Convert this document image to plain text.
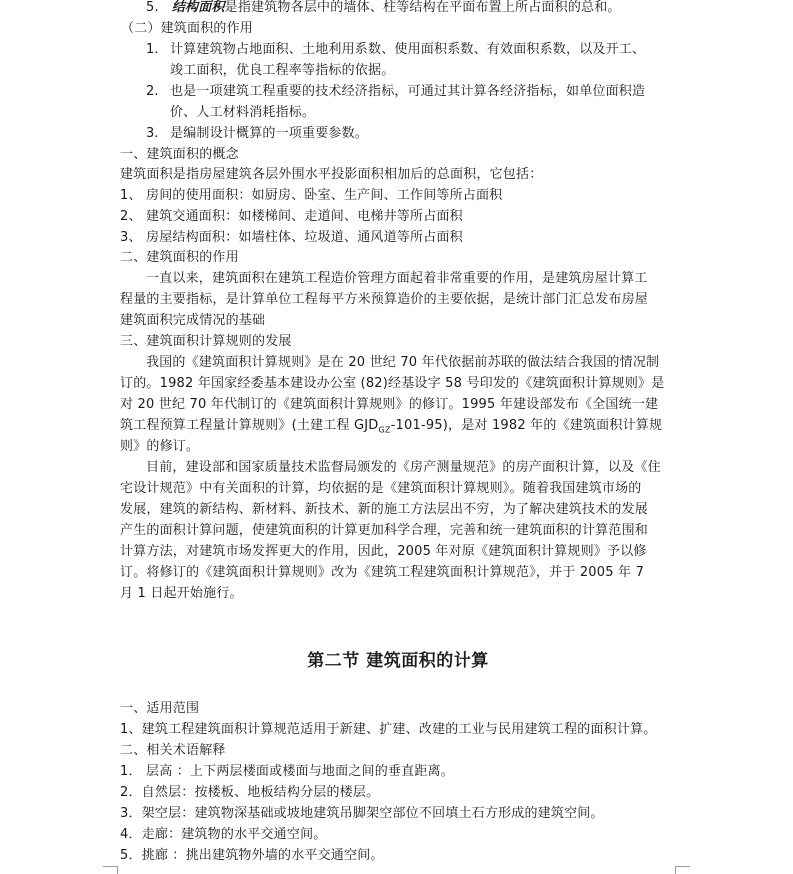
5. 结构面积是指建筑物各层中的墙体、柱等结构在平面布置上所占面积的总和。
（二）建筑面积的作用
1. 计算建筑物占地面积、土地利用系数、使用面积系数、有效面积系数，以及开工、
竣工面积，优良工程率等指标的依据。
2. 也是一项建筑工程重要的技术经济指标，可通过其计算各经济指标，如单位面积造
价、人工材料消耗指标。
3. 是编制设计概算的一项重要参数。
一、建筑面积的概念
建筑面积是指房屋建筑各层外围水平投影面积相加后的总面积，它包括：
1、 房间的使用面积：如厨房、卧室、生产间、工作间等所占面积
2、 建筑交通面积：如楼梯间、走道间、电梯井等所占面积
3、 房屋结构面积：如墙柱体、垃圾道、通风道等所占面积
二、建筑面积的作用
一直以来，建筑面积在建筑工程造价管理方面起着非常重要的作用，是建筑房屋计算工
程量的主要指标，是计算单位工程每平方米预算造价的主要依据，是统计部门汇总发布房屋
建筑面积完成情况的基础
三、建筑面积计算规则的发展
我国的《建筑面积计算规则》是在 20 世纪 70 年代依据前苏联的做法结合我国的情况制
订的。1982 年国家经委基本建设办公室 (82)经基设字 58 号印发的《建筑面积计算规则》是
对 20 世纪 70 年代制订的《建筑面积计算规则》的修订。1995 年建设部发布《全国统一建
筑工程预算工程量计算规则》(土建工程 $GJD_{GZ}-101-95$)，是对 1982 年的《建筑面积计算规
则》的修订。
目前，建设部和国家质量技术监督局颁发的《房产测量规范》的房产面积计算，以及《住
宅设计规范》中有关面积的计算，均依据的是《建筑面积计算规则》。随着我国建筑市场的
发展，建筑的新结构、新材料、新技术、新的施工方法层出不穷，为了解决建筑技术的发展
产生的面积计算问题，使建筑面积的计算更加科学合理，完善和统一建筑面积的计算范围和
计算方法，对建筑市场发挥更大的作用，因此，2005 年对原《建筑面积计算规则》予以修
订。将修订的《建筑面积计算规则》改为《建筑工程建筑面积计算规范》，并于 2005 年 7
月 1 日起开始施行。
第二节 建筑面积的计算
一、适用范围
1、建筑工程建筑面积计算规范适用于新建、扩建、改建的工业与民用建筑工程的面积计算。
二、相关术语解释
1． 层高 ：上下两层楼面或楼面与地面之间的垂直距离。
2．自然层：按楼板、地板结构分层的楼层。
3．架空层：建筑物深基础或坡地建筑吊脚架空部位不回填土石方形成的建筑空间。
4．走廊：建筑物的水平交通空间。
5．挑廊 ：挑出建筑物外墙的水平交通空间。
